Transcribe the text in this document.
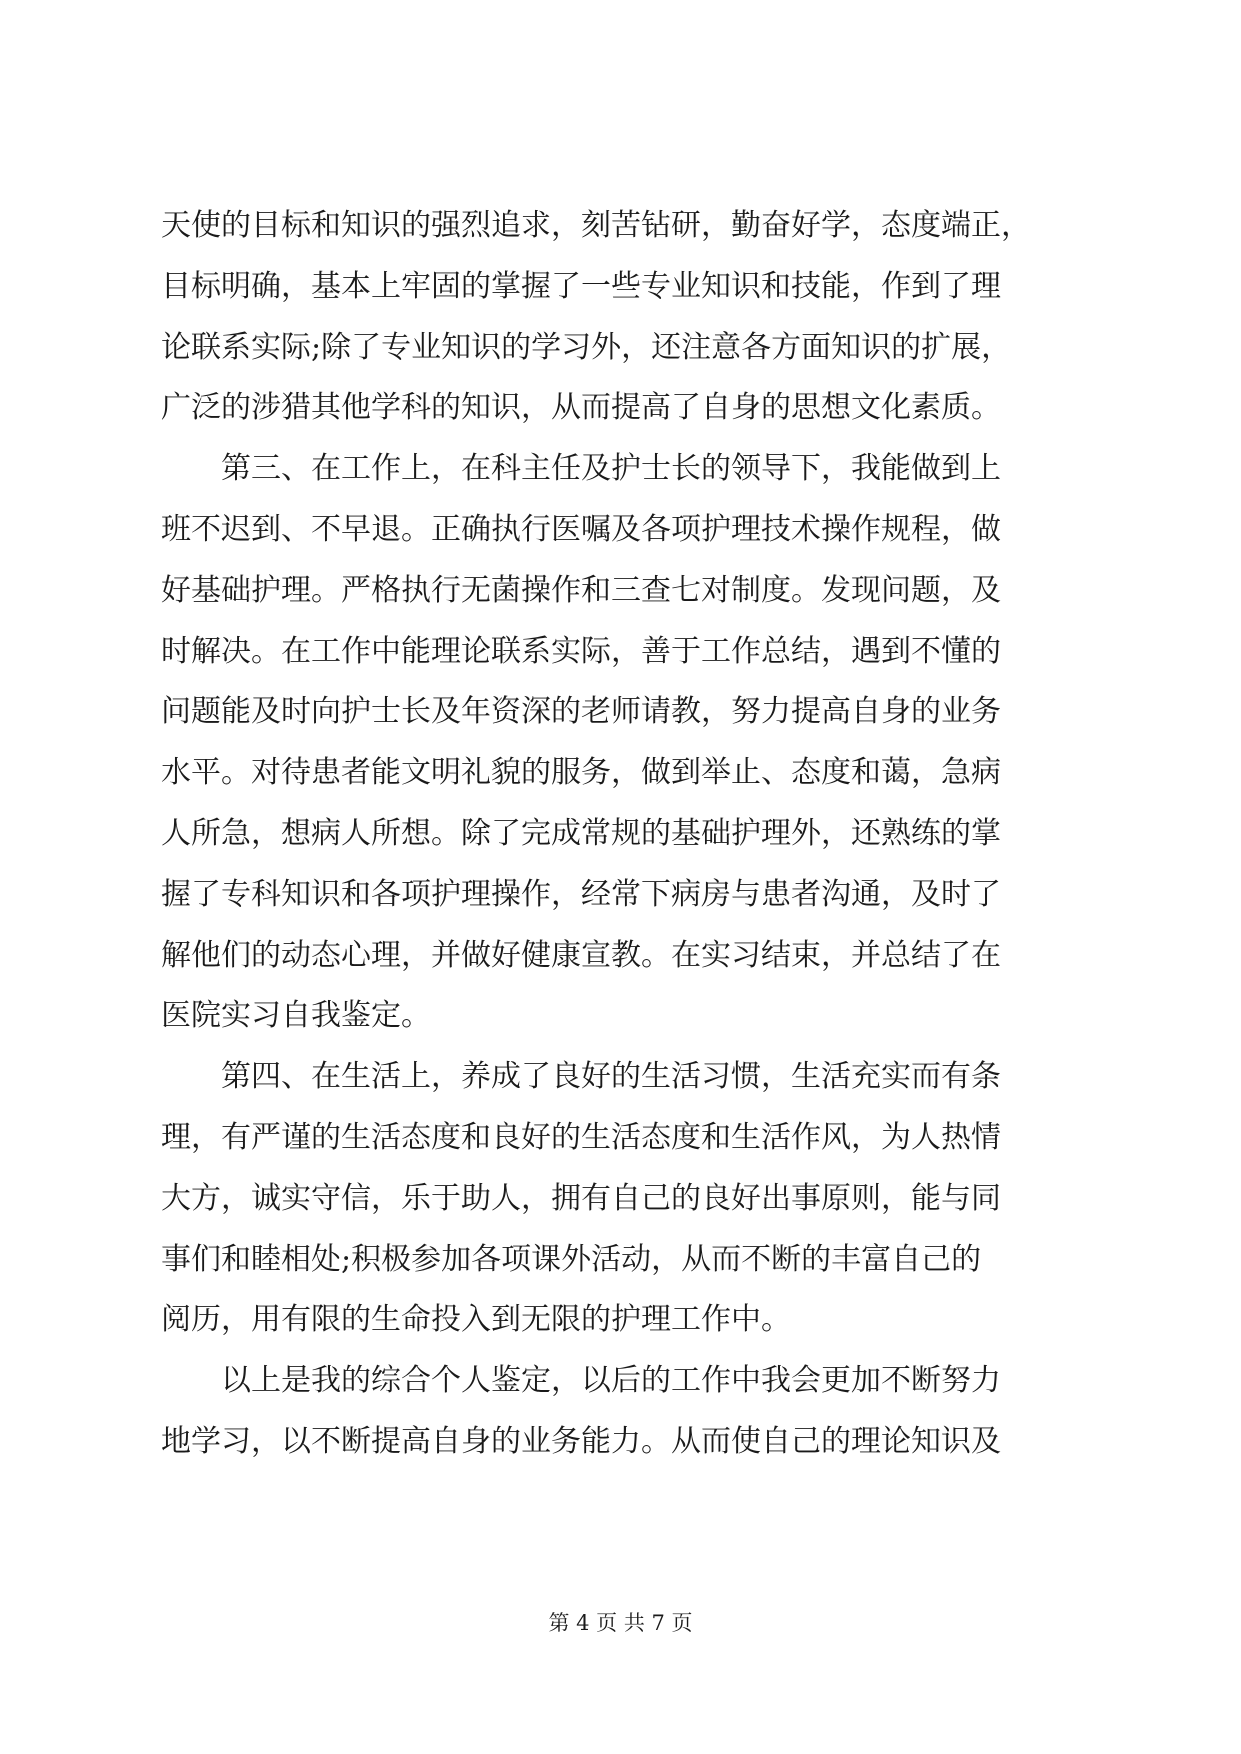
天使的目标和知识的强烈追求，刻苦钻研，勤奋好学，态度端正，
目标明确，基本上牢固的掌握了一些专业知识和技能，作到了理
论联系实际;除了专业知识的学习外，还注意各方面知识的扩展，
广泛的涉猎其他学科的知识，从而提高了自身的思想文化素质。
　　第三、在工作上，在科主任及护士长的领导下，我能做到上
班不迟到、不早退。正确执行医嘱及各项护理技术操作规程，做
好基础护理。严格执行无菌操作和三查七对制度。发现问题，及
时解决。在工作中能理论联系实际，善于工作总结，遇到不懂的
问题能及时向护士长及年资深的老师请教，努力提高自身的业务
水平。对待患者能文明礼貌的服务，做到举止、态度和蔼，急病
人所急，想病人所想。除了完成常规的基础护理外，还熟练的掌
握了专科知识和各项护理操作，经常下病房与患者沟通，及时了
解他们的动态心理，并做好健康宣教。在实习结束，并总结了在
医院实习自我鉴定。
　　第四、在生活上，养成了良好的生活习惯，生活充实而有条
理，有严谨的生活态度和良好的生活态度和生活作风，为人热情
大方，诚实守信，乐于助人，拥有自己的良好出事原则，能与同
事们和睦相处;积极参加各项课外活动，从而不断的丰富自己的
阅历，用有限的生命投入到无限的护理工作中。
　　以上是我的综合个人鉴定，以后的工作中我会更加不断努力
地学习，以不断提高自身的业务能力。从而使自己的理论知识及
第 4 页 共 7 页
